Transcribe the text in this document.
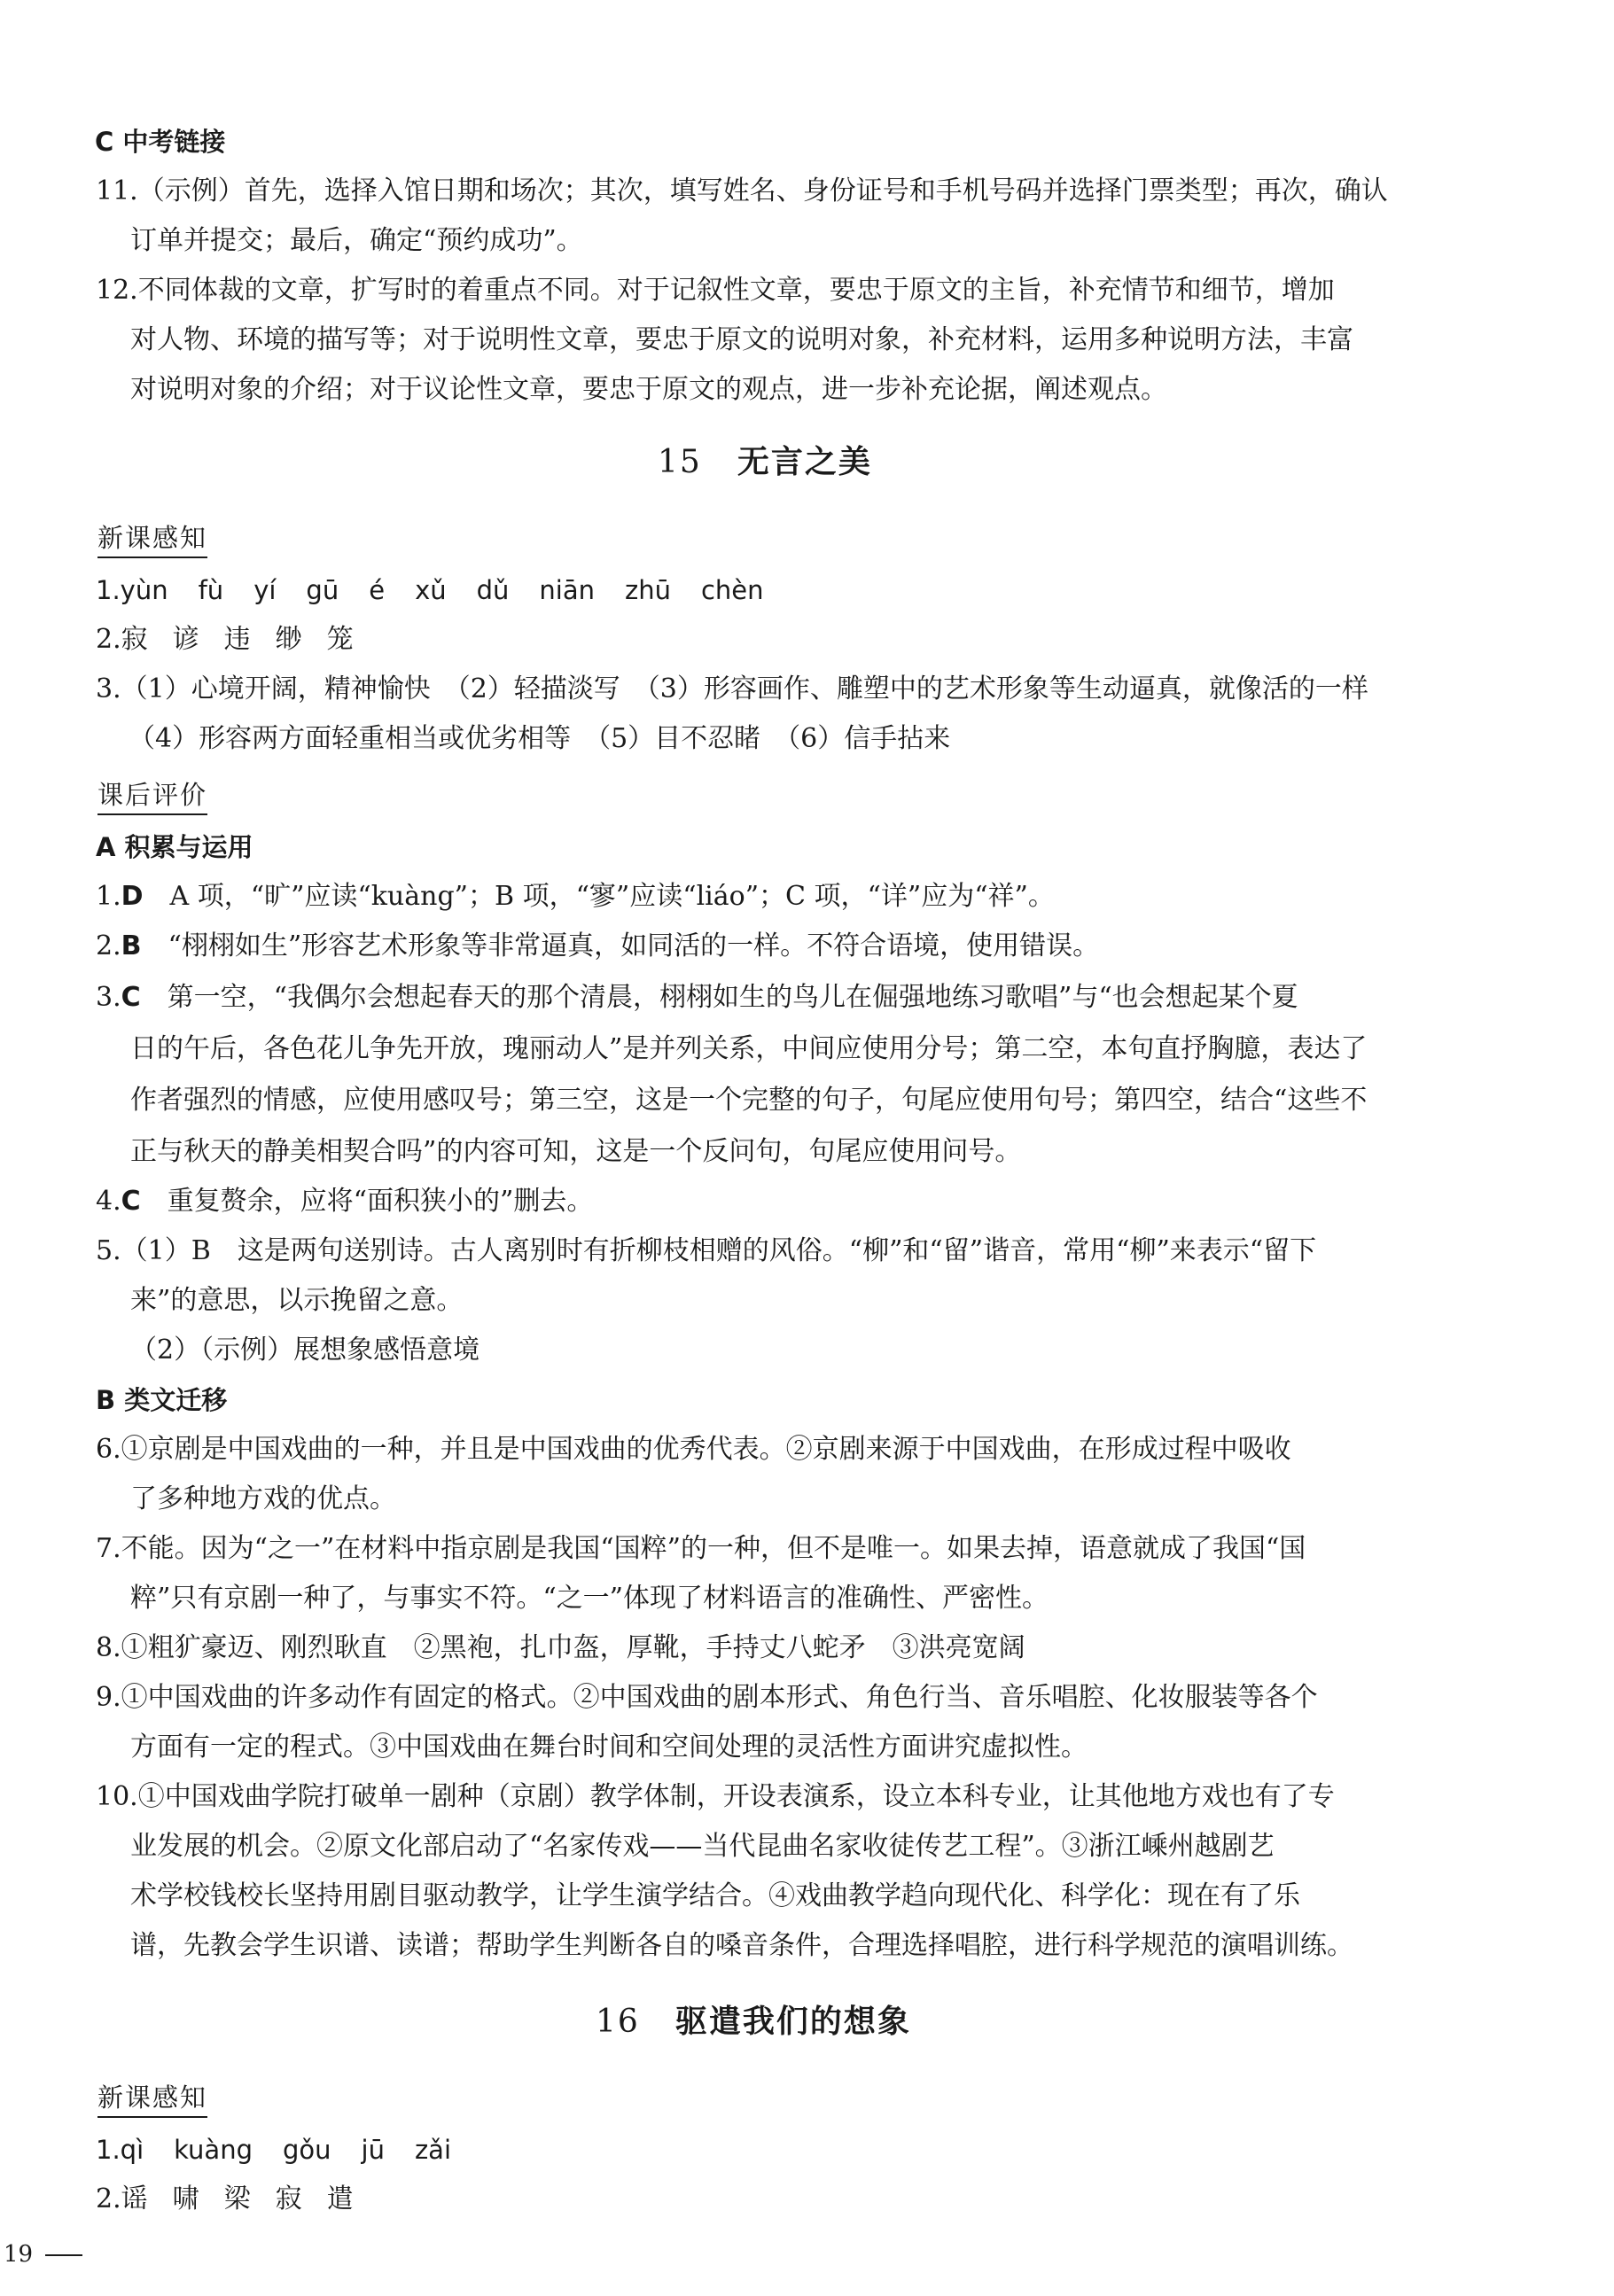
C 中考链接
11.（示例）首先，选择入馆日期和场次；其次，填写姓名、身份证号和手机号码并选择门票类型；再次，确认
订单并提交；最后，确定“预约成功”。
12.不同体裁的文章，扩写时的着重点不同。对于记叙性文章，要忠于原文的主旨，补充情节和细节，增加
对人物、环境的描写等；对于说明性文章，要忠于原文的说明对象，补充材料，运用多种说明方法，丰富
对说明对象的介绍；对于议论性文章，要忠于原文的观点，进一步补充论据，阐述观点。
15 无言之美
新课感知
1.yùn fù yí gū é xǔ dǔ niān zhū chèn
2.寂 谚 违 缈 笼
3.（1）心境开阔，精神愉快　（2）轻描淡写　（3）形容画作、雕塑中的艺术形象等生动逼真，就像活的一样
（4）形容两方面轻重相当或优劣相等　（5）目不忍睹　（6）信手拈来
课后评价
A 积累与运用
1.D　A 项，“旷”应读“kuàng”；B 项，“寥”应读“liáo”；C 项，“详”应为“祥”。
2.B　“栩栩如生”形容艺术形象等非常逼真，如同活的一样。不符合语境，使用错误。
3.C　第一空，“我偶尔会想起春天的那个清晨，栩栩如生的鸟儿在倔强地练习歌唱”与“也会想起某个夏
日的午后，各色花儿争先开放，瑰丽动人”是并列关系，中间应使用分号；第二空，本句直抒胸臆，表达了
作者强烈的情感，应使用感叹号；第三空，这是一个完整的句子，句尾应使用句号；第四空，结合“这些不
正与秋天的静美相契合吗”的内容可知，这是一个反问句，句尾应使用问号。
4.C　重复赘余，应将“面积狭小的”删去。
5.（1）B　这是两句送别诗。古人离别时有折柳枝相赠的风俗。“柳”和“留”谐音，常用“柳”来表示“留下
来”的意思，以示挽留之意。
（2）（示例）展想象感悟意境
B 类文迁移
6.①京剧是中国戏曲的一种，并且是中国戏曲的优秀代表。②京剧来源于中国戏曲，在形成过程中吸收
了多种地方戏的优点。
7.不能。因为“之一”在材料中指京剧是我国“国粹”的一种，但不是唯一。如果去掉，语意就成了我国“国
粹”只有京剧一种了，与事实不符。“之一”体现了材料语言的准确性、严密性。
8.①粗犷豪迈、刚烈耿直　②黑袍，扎巾盔，厚靴，手持丈八蛇矛　③洪亮宽阔
9.①中国戏曲的许多动作有固定的格式。②中国戏曲的剧本形式、角色行当、音乐唱腔、化妆服装等各个
方面有一定的程式。③中国戏曲在舞台时间和空间处理的灵活性方面讲究虚拟性。
10.①中国戏曲学院打破单一剧种（京剧）教学体制，开设表演系，设立本科专业，让其他地方戏也有了专
业发展的机会。②原文化部启动了“名家传戏——当代昆曲名家收徒传艺工程”。③浙江嵊州越剧艺
术学校钱校长坚持用剧目驱动教学，让学生演学结合。④戏曲教学趋向现代化、科学化：现在有了乐
谱，先教会学生识谱、读谱；帮助学生判断各自的嗓音条件，合理选择唱腔，进行科学规范的演唱训练。
16 驱遣我们的想象
新课感知
1.qì kuàng gǒu jū zǎi
2.谣 啸 梁 寂 遣
19
